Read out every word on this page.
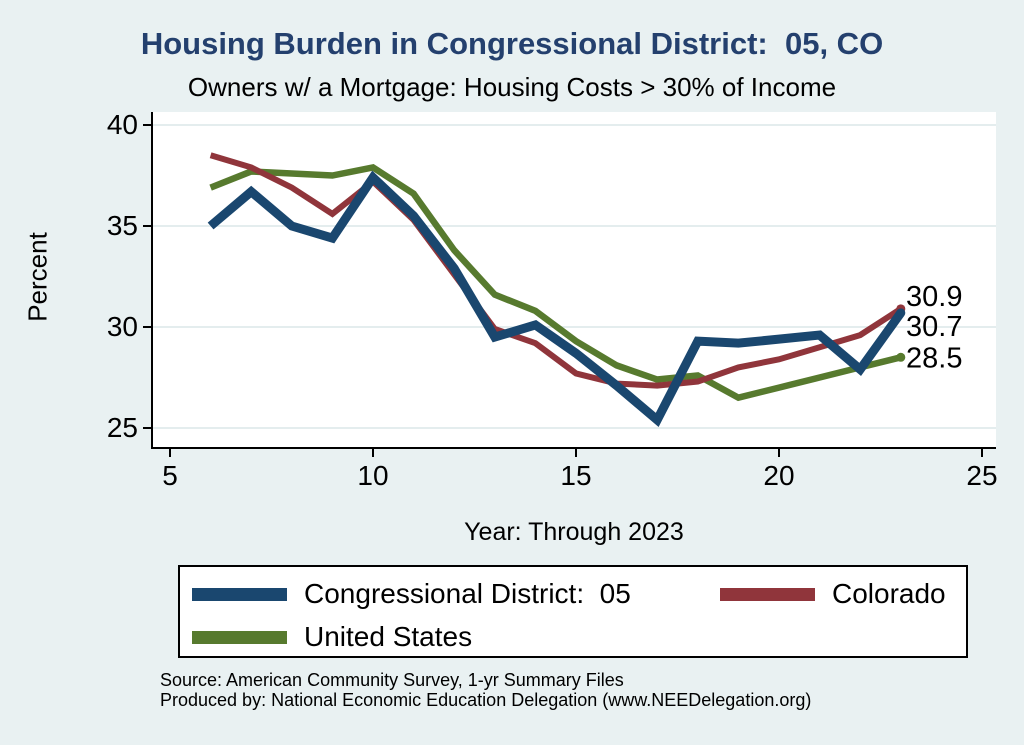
25
30
35
40
5	10	15	20	25
30.9
30.7
28.5
Housing Burden in Congressional District:  05, CO
Owners w/ a Mortgage: Housing Costs > 30% of Income
Percent
Year: Through 2023
Congressional District:  05	Colorado
United States
Source: American Community Survey, 1-yr Summary Files
Produced by: National Economic Education Delegation (www.NEEDelegation.org)
